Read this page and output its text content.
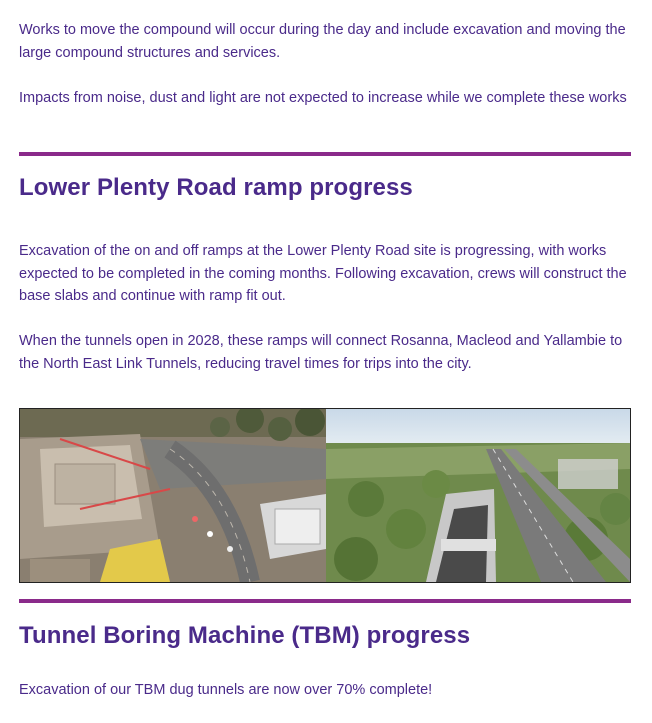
Works to move the compound will occur during the day and include excavation and moving the large compound structures and services.

Impacts from noise, dust and light are not expected to increase while we complete these works

Lower Plenty Road ramp progress

Excavation of the on and off ramps at the Lower Plenty Road site is progressing, with works expected to be completed in the coming months. Following excavation, crews will construct the base slabs and continue with ramp fit out.

When the tunnels open in 2028, these ramps will connect Rosanna, Macleod and Yallambie to the North East Link Tunnels, reducing travel times for trips into the city.

Tunnel Boring Machine (TBM) progress

Excavation of our TBM dug tunnels are now over 70% complete!
